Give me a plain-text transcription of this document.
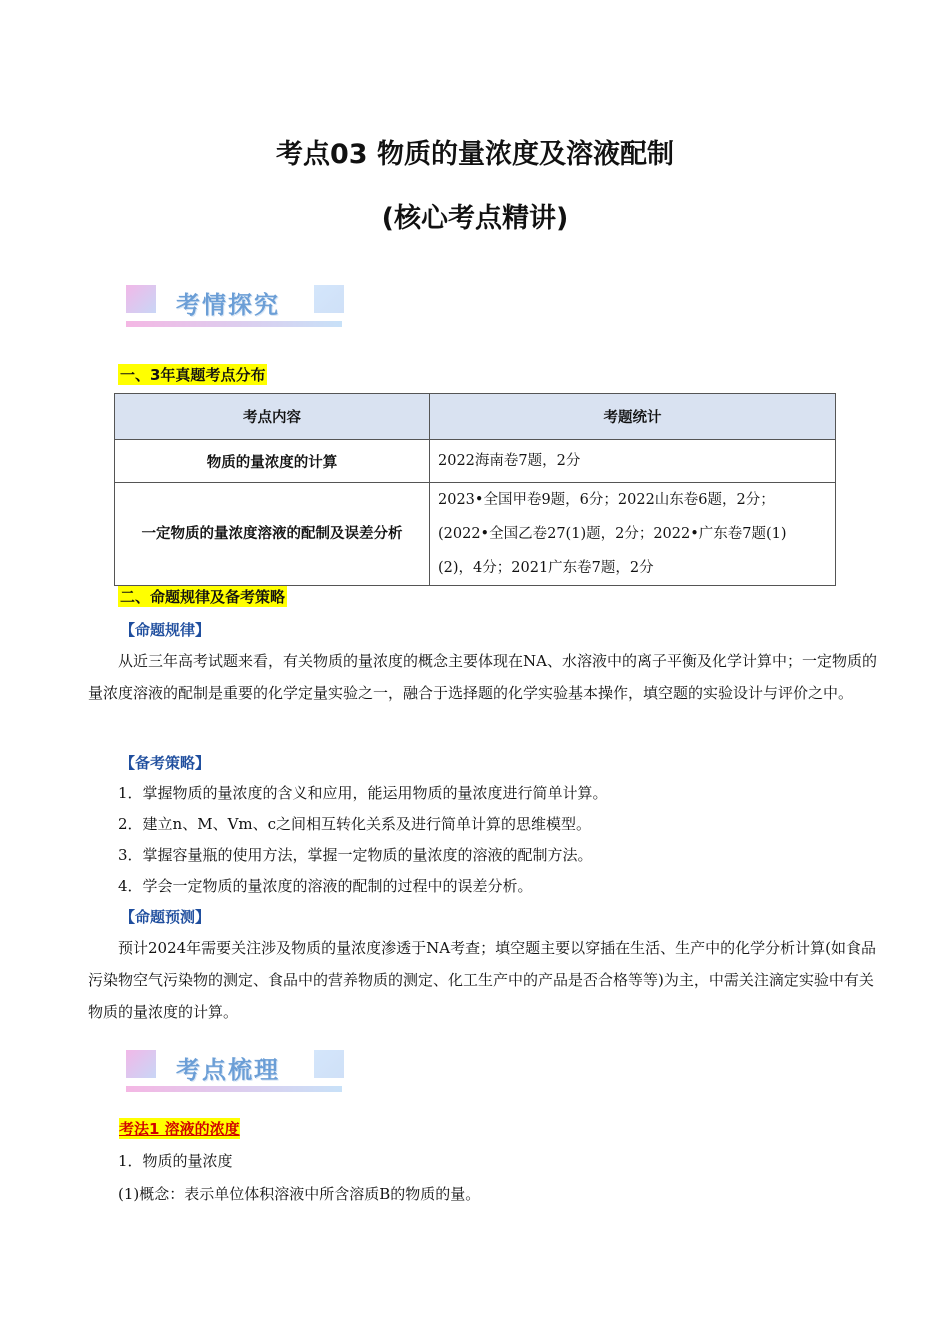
考点03 物质的量浓度及溶液配制
(核心考点精讲)
考情探究
一、3年真题考点分布
考点内容	考题统计
物质的量浓度的计算	2022海南卷7题，2分
一定物质的量浓度溶液的配制及误差分析	2023•全国甲卷9题，6分；2022山东卷6题，2分；
(2022•全国乙卷27(1)题，2分；2022•广东卷7题(1)
(2)，4分；2021广东卷7题，2分
二、命题规律及备考策略
【命题规律】
从近三年高考试题来看，有关物质的量浓度的概念主要体现在NA、水溶液中的离子平衡及化学计算中；一定物质的量浓度溶液的配制是重要的化学定量实验之一，融合于选择题的化学实验基本操作，填空题的实验设计与评价之中。
【备考策略】
1．掌握物质的量浓度的含义和应用，能运用物质的量浓度进行简单计算。
2．建立n、M、Vm、c之间相互转化关系及进行简单计算的思维模型。
3．掌握容量瓶的使用方法，掌握一定物质的量浓度的溶液的配制方法。
4．学会一定物质的量浓度的溶液的配制的过程中的误差分析。
【命题预测】
预计2024年需要关注涉及物质的量浓度渗透于NA考查；填空题主要以穿插在生活、生产中的化学分析计算(如食品污染物空气污染物的测定、食品中的营养物质的测定、化工生产中的产品是否合格等等)为主，中需关注滴定实验中有关物质的量浓度的计算。
考点梳理
考法1 溶液的浓度
1．物质的量浓度
(1)概念：表示单位体积溶液中所含溶质B的物质的量。
